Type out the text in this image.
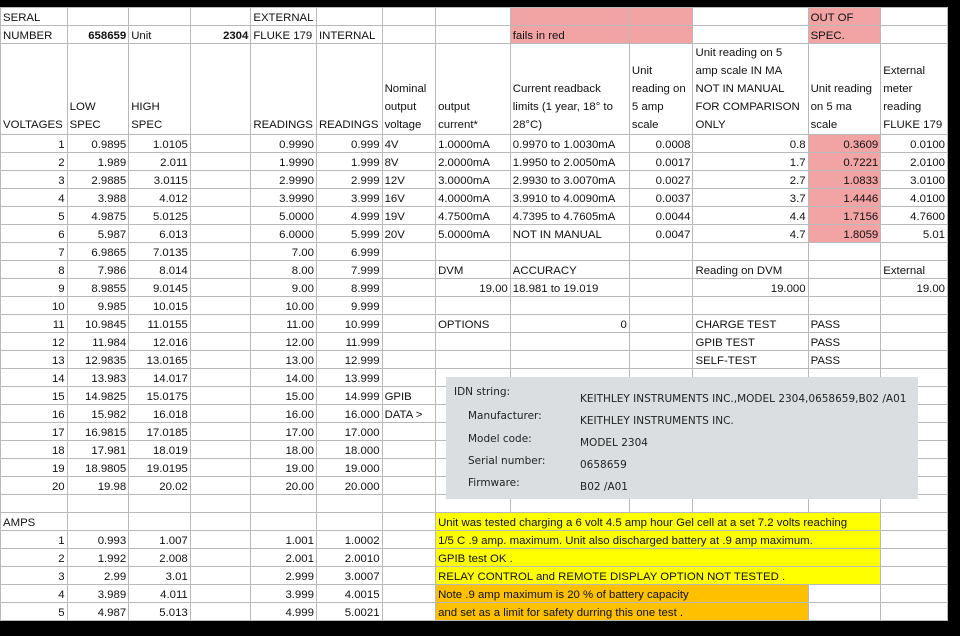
SERAL				EXTERNAL							OUT OF	
NUMBER	658659	Unit	2304	FLUKE 179	INTERNAL			fails in red			SPEC.	
VOLTAGES	LOW SPEC	HIGH SPEC		READINGS	READINGS	Nominal output voltage	output current*	Current readback limits (1 year, 18° to 28°C)	Unit reading on 5 amp scale	Unit reading on 5 amp scale IN MA NOT IN MANUAL FOR COMPARISON ONLY	Unit reading on 5 ma scale	External meter reading FLUKE 179
1	0.9895	1.0105		0.9990	0.999	4V	1.0000mA	0.9970 to 1.0030mA	0.0008	0.8	0.3609	0.0100
2	1.989	2.011		1.9990	1.999	8V	2.0000mA	1.9950 to 2.0050mA	0.0017	1.7	0.7221	2.0100
3	2.9885	3.0115		2.9990	2.999	12V	3.0000mA	2.9930 to 3.0070mA	0.0027	2.7	1.0833	3.0100
4	3.988	4.012		3.9990	3.999	16V	4.0000mA	3.9910 to 4.0090mA	0.0037	3.7	1.4446	4.0100
5	4.9875	5.0125		5.0000	4.999	19V	4.7500mA	4.7395 to 4.7605mA	0.0044	4.4	1.7156	4.7600
6	5.987	6.013		6.0000	5.999	20V	5.0000mA	NOT IN MANUAL	0.0047	4.7	1.8059	5.01
7	6.9865	7.0135		7.00	6.999							
8	7.986	8.014		8.00	7.999		DVM	ACCURACY		Reading on DVM		External
9	8.9855	9.0145		9.00	8.999		19.00	18.981 to 19.019		19.000		19.00
10	9.985	10.015		10.00	9.999							
11	10.9845	11.0155		11.00	10.999		OPTIONS	0		CHARGE TEST	PASS	
12	11.984	12.016		12.00	11.999					GPIB TEST	PASS	
13	12.9835	13.0165		13.00	12.999					SELF-TEST	PASS	
14	13.983	14.017		14.00	13.999							
15	14.9825	15.0175		15.00	14.999	GPIB						
16	15.982	16.018		16.00	16.000	DATA >						
17	16.9815	17.0185		17.00	17.000							
18	17.981	18.019		18.00	18.000							
19	18.9805	19.0195		19.00	19.000							
20	19.98	20.02		20.00	20.000							

AMPS							Unit was tested charging a 6 volt 4.5 amp hour Gel cell at a set 7.2 volts reaching					
1	0.993	1.007		1.001	1.0002		1/5 C .9 amp. maximum. Unit also discharged battery at .9 amp maximum.					
2	1.992	2.008		2.001	2.0010		GPIB test OK .					
3	2.99	3.01		2.999	3.0007		RELAY CONTROL and REMOTE DISPLAY OPTION NOT TESTED .					
4	3.989	4.011		3.999	4.0015		Note .9 amp maximum is 20 % of battery capacity					
5	4.987	5.013		4.999	5.0021		and set as a limit for safety durring this one test .					
IDN string:
KEITHLEY INSTRUMENTS INC.,MODEL 2304,0658659,B02 /A01
Manufacturer:	KEITHLEY INSTRUMENTS INC.
Model code:	MODEL 2304
Serial number:	0658659
Firmware:	B02 /A01
